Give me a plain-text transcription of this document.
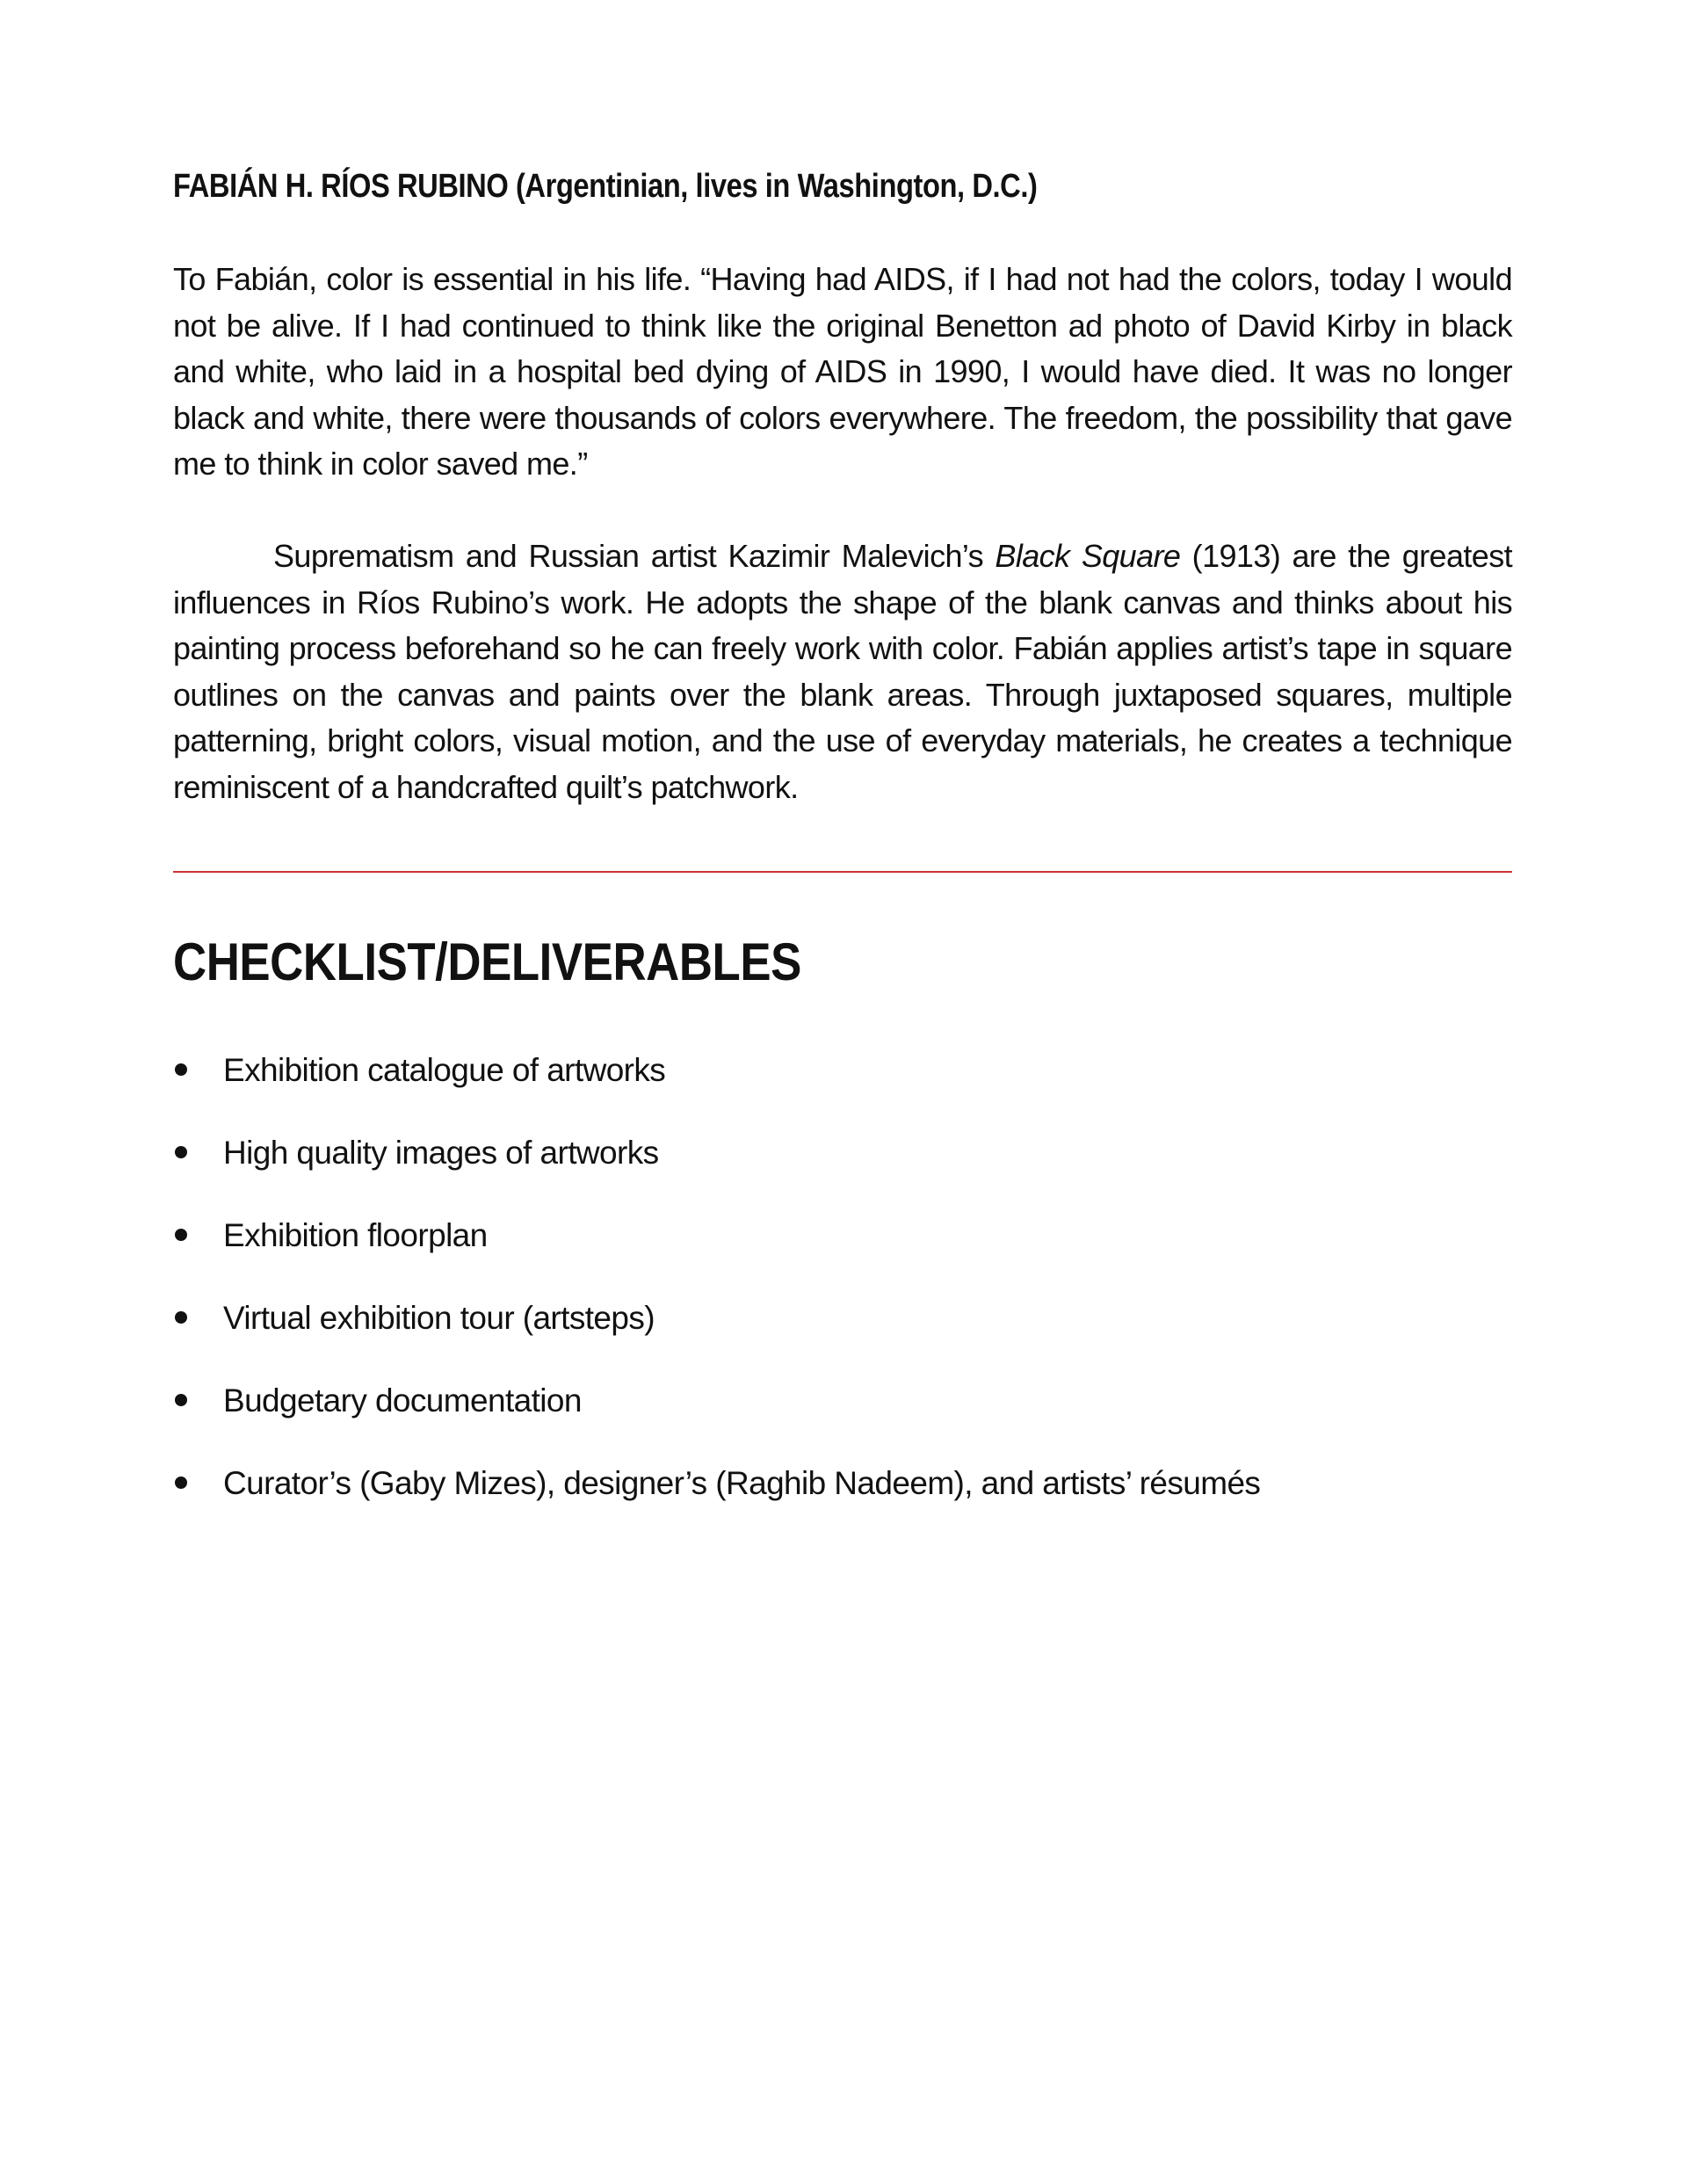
FABIÁN H. RÍOS RUBINO (Argentinian, lives in Washington, D.C.)

To Fabián, color is essential in his life. “Having had AIDS, if I had not had the colors, today I would not be alive. If I had continued to think like the original Benetton ad photo of David Kirby in black and white, who laid in a hospital bed dying of AIDS in 1990, I would have died. It was no longer black and white, there were thousands of colors everywhere. The freedom, the possibility that gave me to think in color saved me.”

Suprematism and Russian artist Kazimir Malevich’s Black Square (1913) are the greatest influences in Ríos Rubino’s work. He adopts the shape of the blank canvas and thinks about his painting process beforehand so he can freely work with color. Fabián applies artist’s tape in square outlines on the canvas and paints over the blank areas. Through juxtaposed squares, multiple patterning, bright colors, visual motion, and the use of everyday materials, he creates a technique reminiscent of a handcrafted quilt’s patchwork.

CHECKLIST/DELIVERABLES
Exhibition catalogue of artworks
High quality images of artworks
Exhibition floorplan
Virtual exhibition tour (artsteps)
Budgetary documentation
Curator’s (Gaby Mizes), designer’s (Raghib Nadeem), and artists’ résumés
